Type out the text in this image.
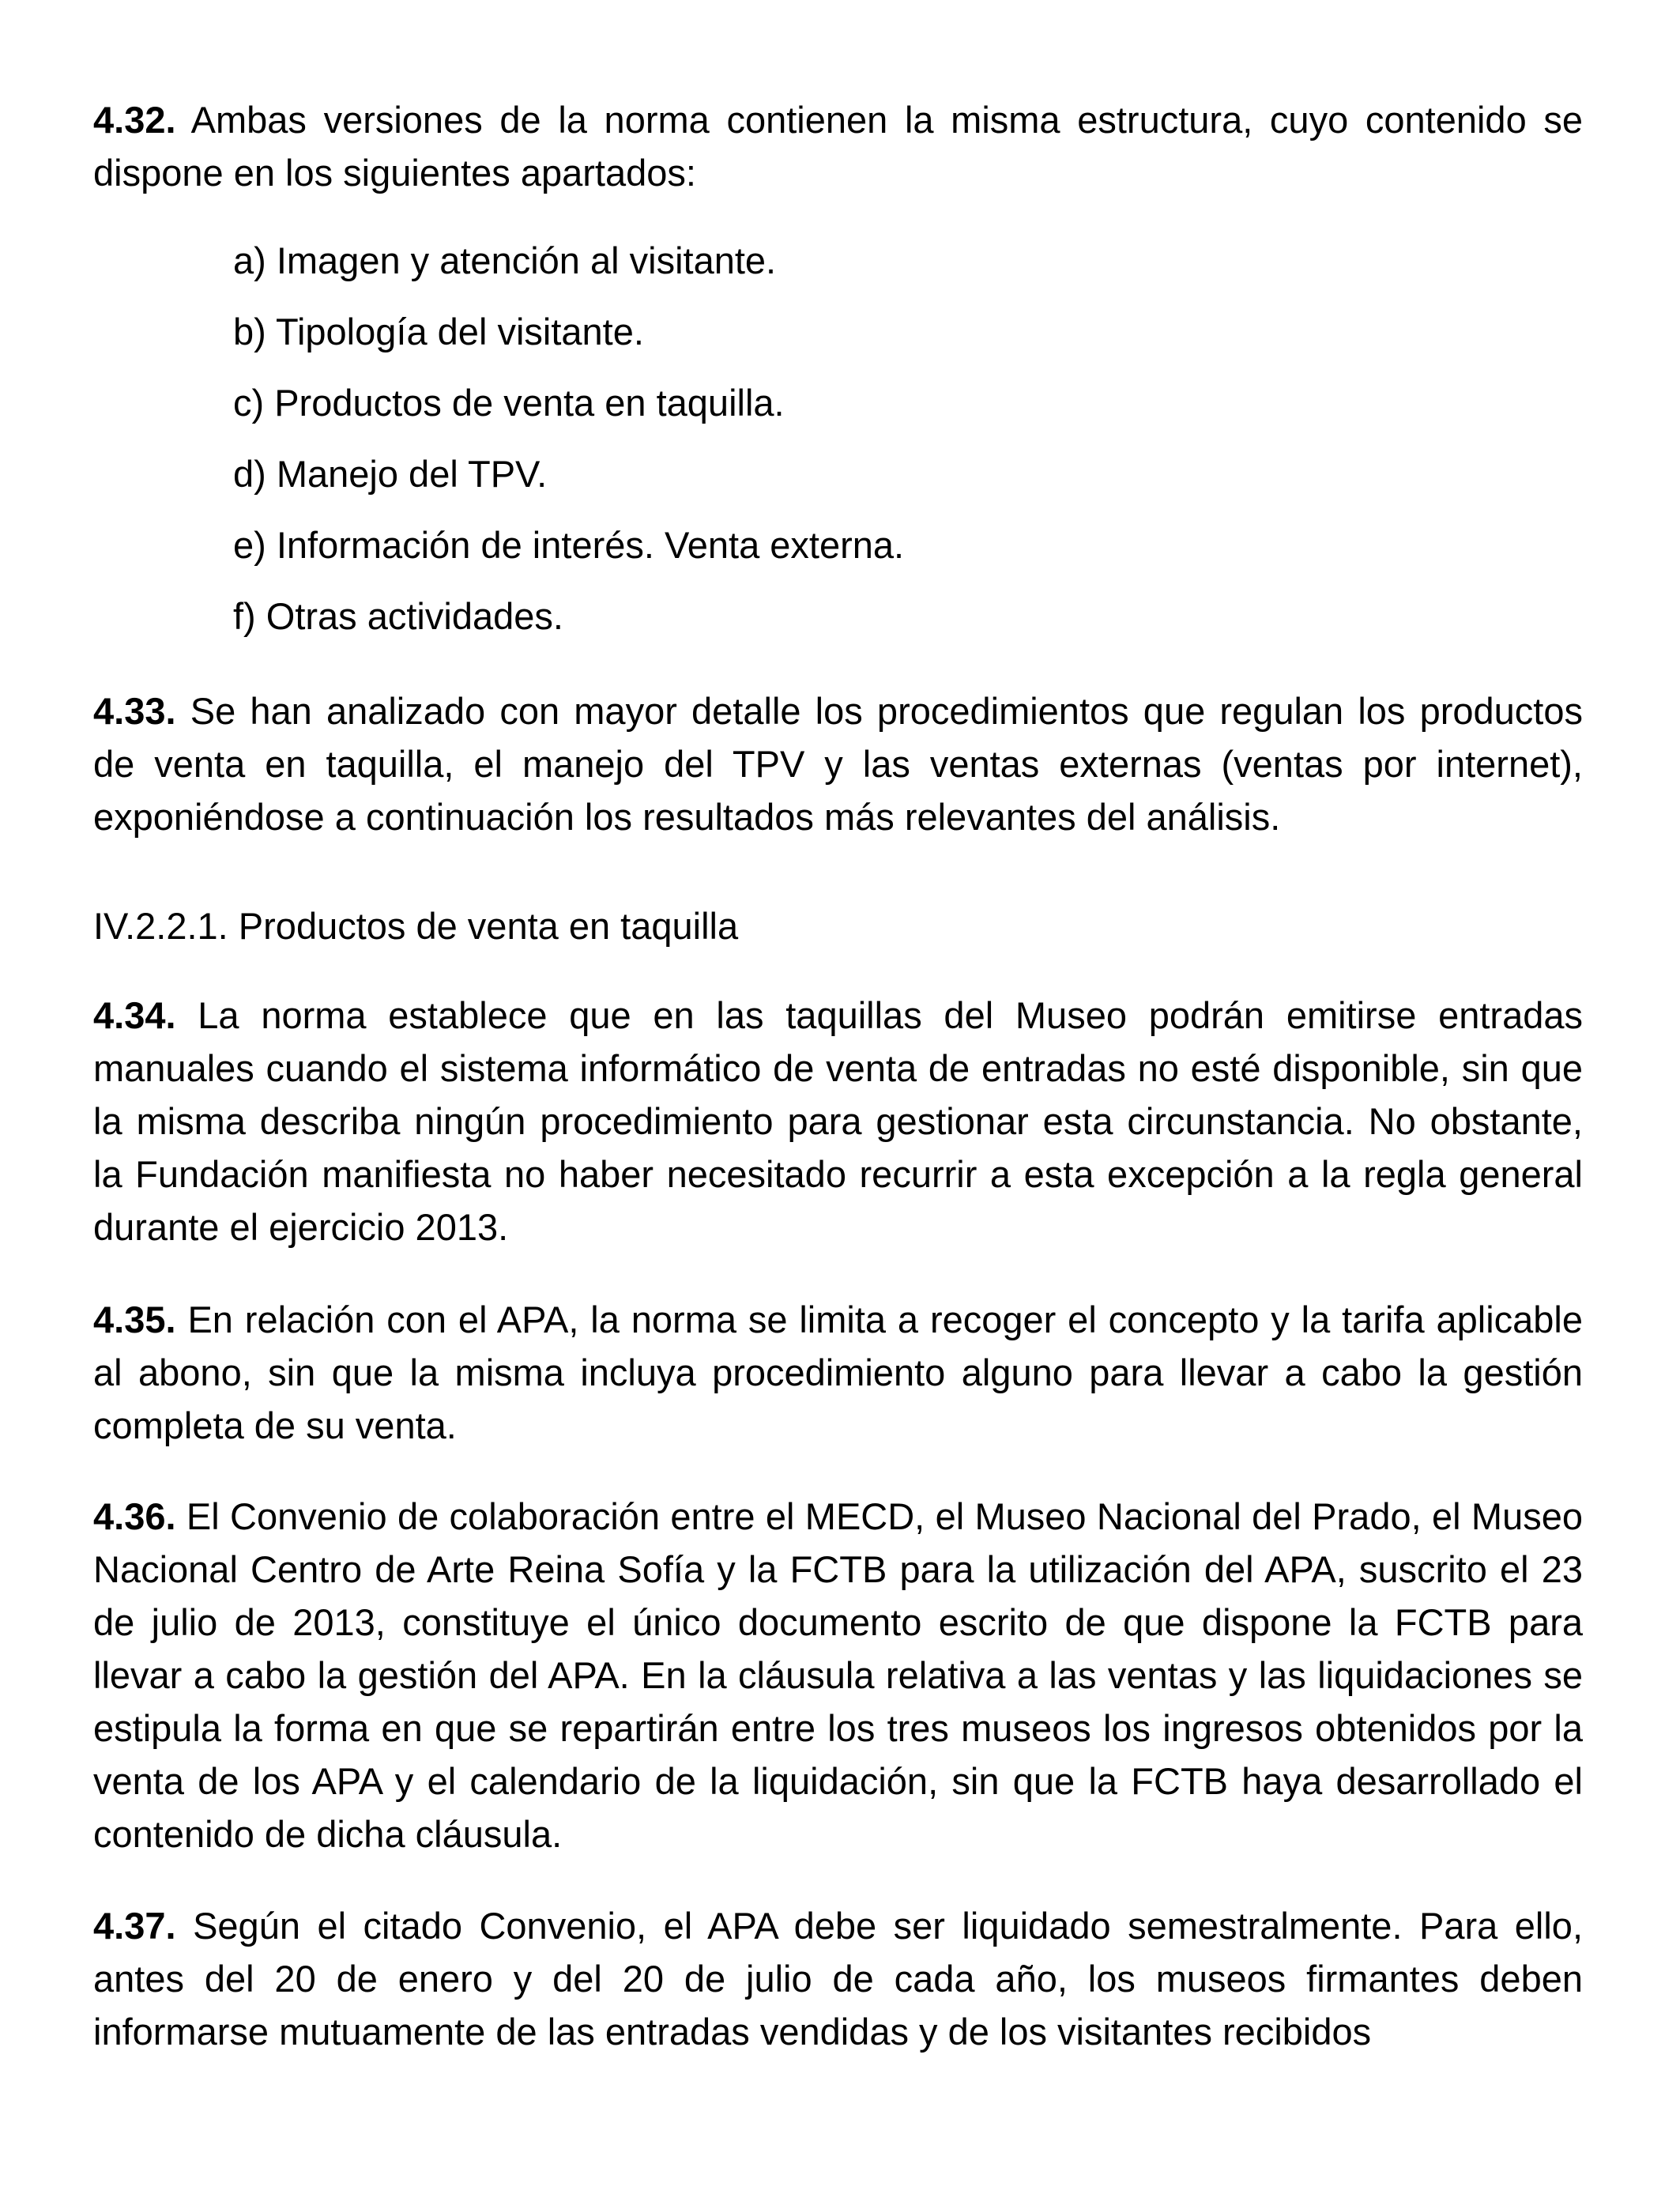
4.32. Ambas versiones de la norma contienen la misma estructura, cuyo contenido se dispone en los siguientes apartados:

a) Imagen y atención al visitante.
b) Tipología del visitante.
c) Productos de venta en taquilla.
d) Manejo del TPV.
e) Información de interés. Venta externa.
f) Otras actividades.

4.33. Se han analizado con mayor detalle los procedimientos que regulan los productos de venta en taquilla, el manejo del TPV y las ventas externas (ventas por internet), exponiéndose a continuación los resultados más relevantes del análisis.

IV.2.2.1. Productos de venta en taquilla

4.34. La norma establece que en las taquillas del Museo podrán emitirse entradas manuales cuando el sistema informático de venta de entradas no esté disponible, sin que la misma describa ningún procedimiento para gestionar esta circunstancia. No obstante, la Fundación manifiesta no haber necesitado recurrir a esta excepción a la regla general durante el ejercicio 2013.

4.35. En relación con el APA, la norma se limita a recoger el concepto y la tarifa aplicable al abono, sin que la misma incluya procedimiento alguno para llevar a cabo la gestión completa de su venta.

4.36. El Convenio de colaboración entre el MECD, el Museo Nacional del Prado, el Museo Nacional Centro de Arte Reina Sofía y la FCTB para la utilización del APA, suscrito el 23 de julio de 2013, constituye el único documento escrito de que dispone la FCTB para llevar a cabo la gestión del APA. En la cláusula relativa a las ventas y las liquidaciones se estipula la forma en que se repartirán entre los tres museos los ingresos obtenidos por la venta de los APA y el calendario de la liquidación, sin que la FCTB haya desarrollado el contenido de dicha cláusula.

4.37. Según el citado Convenio, el APA debe ser liquidado semestralmente. Para ello, antes del 20 de enero y del 20 de julio de cada año, los museos firmantes deben informarse mutuamente de las entradas vendidas y de los visitantes recibidos
